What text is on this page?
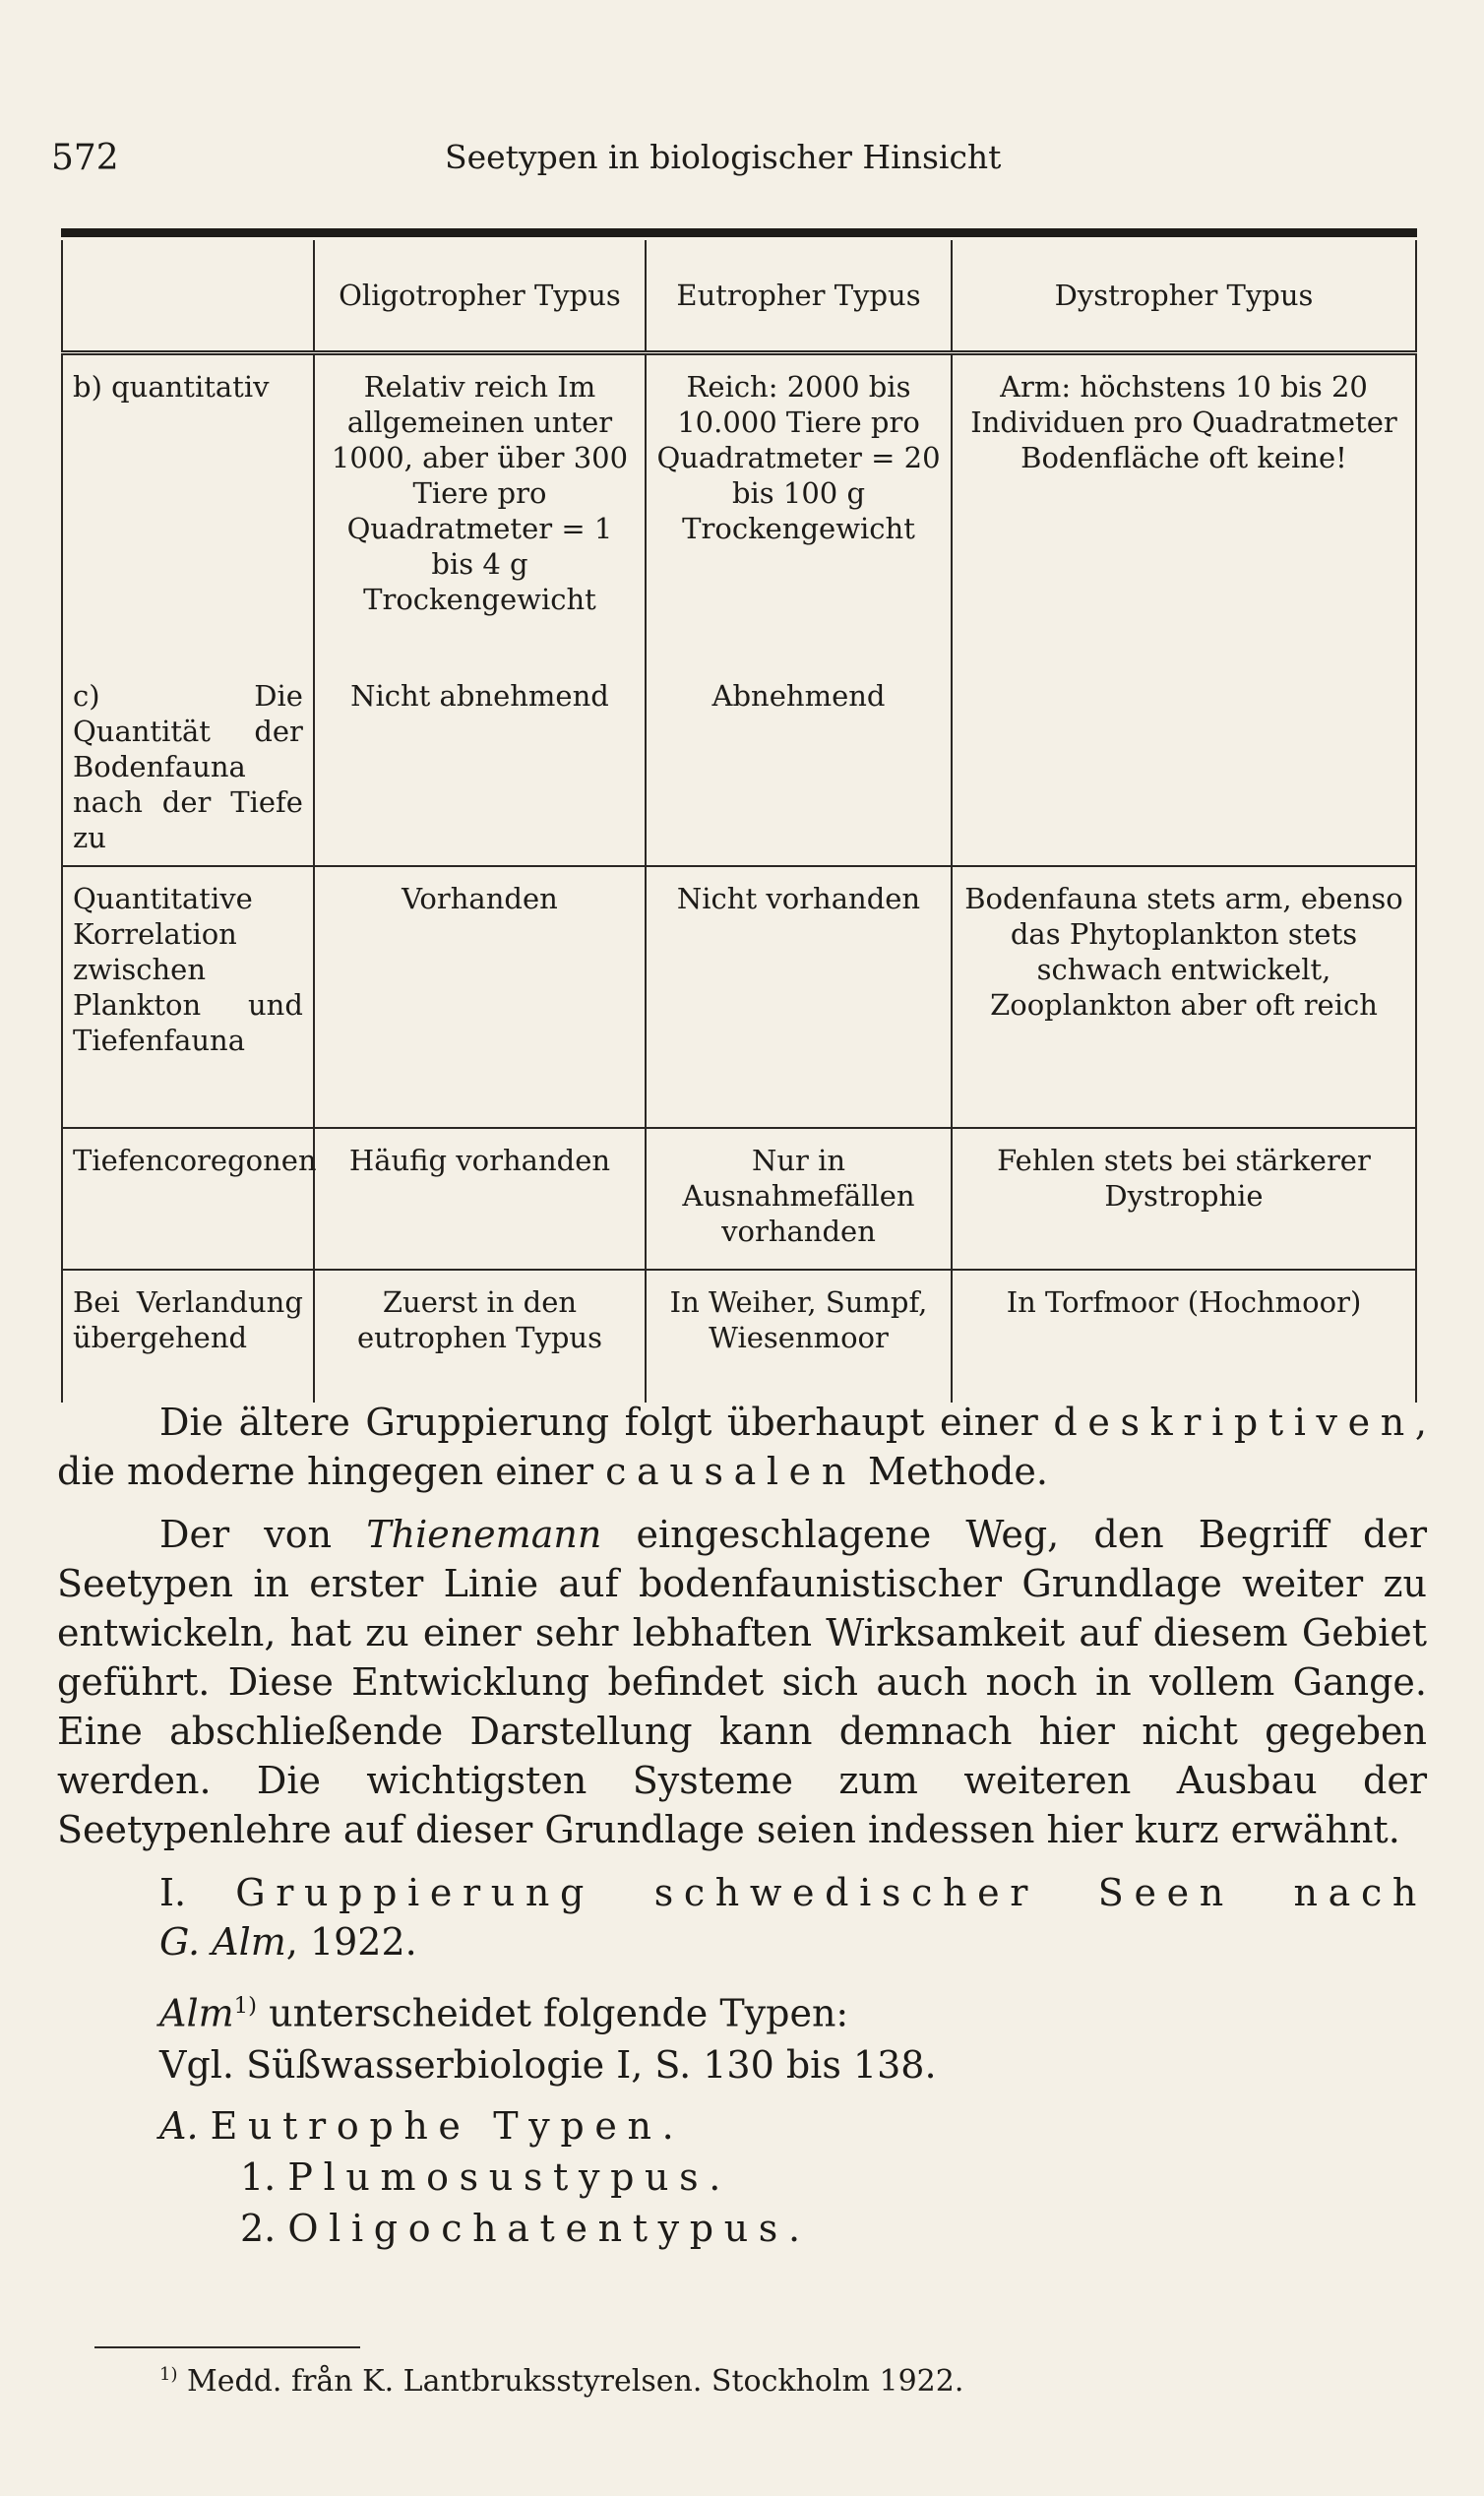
572	Seetypen in biologischer Hinsicht
	Oligotropher Typus	Eutropher Typus	Dystropher Typus
b) quantitativ	Relativ reich Im allgemeinen unter 1000, aber über 300 Tiere pro Quadratmeter = 1 bis 4 g Trockengewicht	Reich: 2000 bis 10.000 Tiere pro Quadratmeter = 20 bis 100 g Trockengewicht	Arm: höchstens 10 bis 20 Individuen pro Quadratmeter Bodenfläche oft keine!
c) Die Quantität der Bodenfauna nach der Tiefe zu	Nicht abnehmend	Abnehmend	
Quantitative Korrelation zwischen Plankton und Tiefenfauna	Vorhanden	Nicht vorhanden	Bodenfauna stets arm, ebenso das Phytoplankton stets schwach entwickelt, Zooplankton aber oft reich
Tiefencoregonen	Häufig vorhanden	Nur in Ausnahmefällen vorhanden	Fehlen stets bei stärkerer Dystrophie
Bei Verlandung übergehend	Zuerst in den eutrophen Typus	In Weiher, Sumpf, Wiesenmoor	In Torfmoor (Hochmoor)

Die ältere Gruppierung folgt überhaupt einer deskriptiven, die moderne hingegen einer causalen Methode.

Der von Thienemann eingeschlagene Weg, den Begriff der Seetypen in erster Linie auf bodenfaunistischer Grundlage weiter zu entwickeln, hat zu einer sehr lebhaften Wirksamkeit auf diesem Gebiet geführt. Diese Entwicklung befindet sich auch noch in vollem Gange. Eine abschließende Darstellung kann demnach hier nicht gegeben werden. Die wichtigsten Systeme zum weiteren Ausbau der Seetypenlehre auf dieser Grundlage seien indessen hier kurz erwähnt.

I. Gruppierung schwedischer Seen nach
G. Alm, 1922.
Alm$^{1)}$ unterscheidet folgende Typen:
Vgl. Süßwasserbiologie I, S. 130 bis 138.
A. Eutrophe Typen.
1. Plumosustypus.
2. Oligochatentypus.
$^{1)}$ Medd. från K. Lantbruksstyrelsen. Stockholm 1922.
